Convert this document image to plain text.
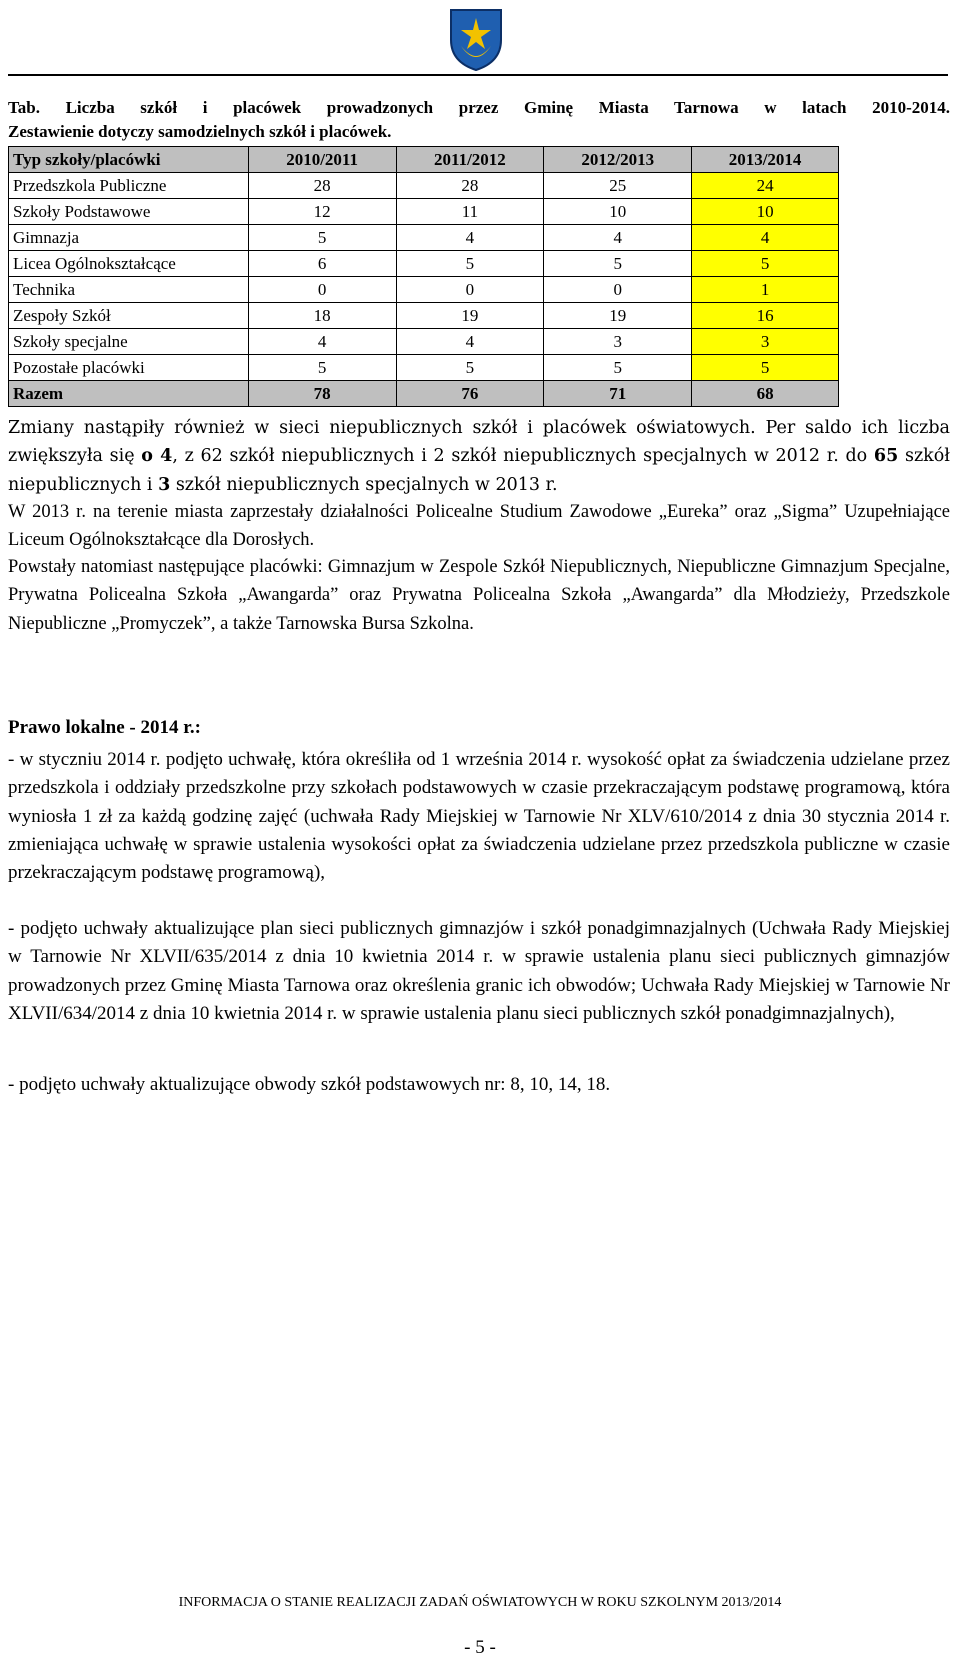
Tab. Liczba szkół i placówek prowadzonych przez Gminę Miasta Tarnowa w latach 2010-2014.
Zestawienie dotyczy samodzielnych szkół i placówek.

Typ szkoły/placówki	2010/2011	2011/2012	2012/2013	2013/2014
Przedszkola Publiczne	28	28	25	24
Szkoły Podstawowe	12	11	10	10
Gimnazja	5	4	4	4
Licea Ogólnokształcące	6	5	5	5
Technika	0	0	0	1
Zespoły Szkół	18	19	19	16
Szkoły specjalne	4	4	3	3
Pozostałe placówki	5	5	5	5
Razem	78	76	71	68

Zmiany nastąpiły również w sieci niepublicznych szkół i placówek oświatowych. Per saldo ich liczba zwiększyła się o 4, z 62 szkół niepublicznych i 2 szkół niepublicznych specjalnych w 2012 r. do 65 szkół niepublicznych i 3 szkół niepublicznych specjalnych w 2013 r.

W 2013 r. na terenie miasta zaprzestały działalności Policealne Studium Zawodowe „Eureka” oraz „Sigma” Uzupełniające Liceum Ogólnokształcące dla Dorosłych.

Powstały natomiast następujące placówki: Gimnazjum w Zespole Szkół Niepublicznych, Niepubliczne Gimnazjum Specjalne, Prywatna Policealna Szkoła „Awangarda” oraz Prywatna Policealna Szkoła „Awangarda” dla Młodzieży, Przedszkole Niepubliczne „Promyczek”, a także Tarnowska Bursa Szkolna.

Prawo lokalne - 2014 r.:

- w styczniu 2014 r. podjęto uchwałę, która określiła od 1 września 2014 r. wysokość opłat za świadczenia udzielane przez przedszkola i oddziały przedszkolne przy szkołach podstawowych w czasie przekraczającym podstawę programową, która wyniosła 1 zł za każdą godzinę zajęć (uchwała Rady Miejskiej w Tarnowie Nr XLV/610/2014 z dnia 30 stycznia 2014 r. zmieniająca uchwałę w sprawie ustalenia wysokości opłat za świadczenia udzielane przez przedszkola publiczne w czasie przekraczającym podstawę programową),

- podjęto uchwały aktualizujące plan sieci publicznych gimnazjów i szkół ponadgimnazjalnych (Uchwała Rady Miejskiej w Tarnowie Nr XLVII/635/2014 z dnia 10 kwietnia 2014 r. w sprawie ustalenia planu sieci publicznych gimnazjów prowadzonych przez Gminę Miasta Tarnowa oraz określenia granic ich obwodów; Uchwała Rady Miejskiej w Tarnowie Nr XLVII/634/2014 z dnia 10 kwietnia 2014 r. w sprawie ustalenia planu sieci publicznych szkół ponadgimnazjalnych),

- podjęto uchwały aktualizujące obwody szkół podstawowych nr: 8, 10, 14, 18.

INFORMACJA O STANIE REALIZACJI ZADAŃ OŚWIATOWYCH W ROKU SZKOLNYM 2013/2014
- 5 -
